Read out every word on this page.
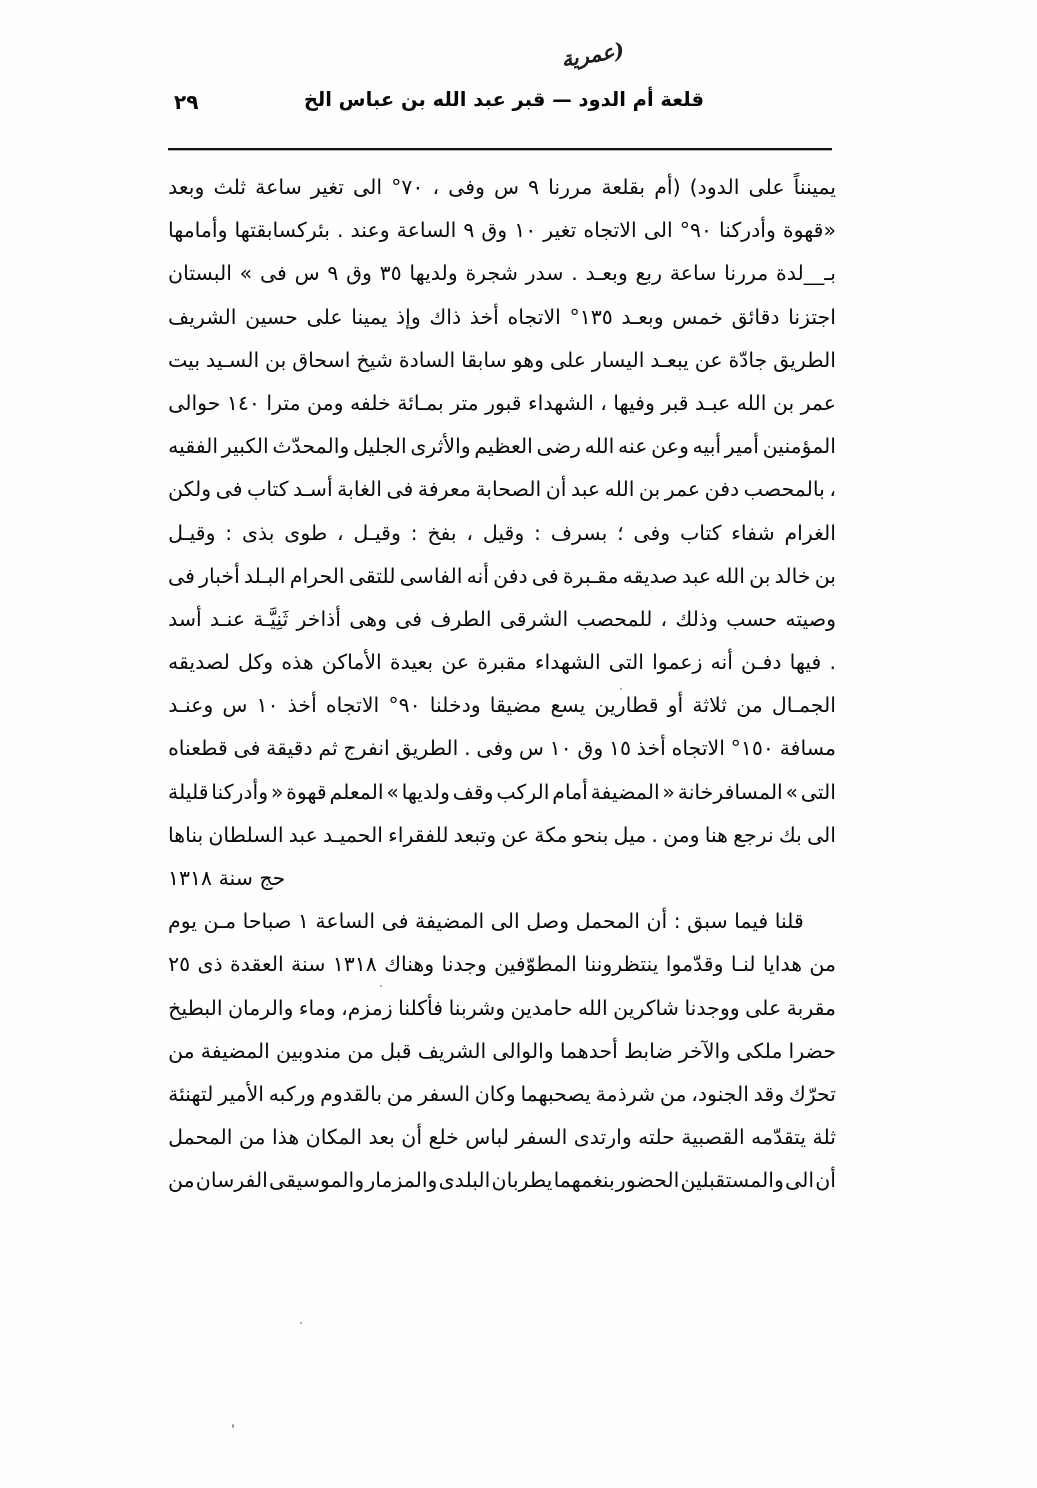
(عمرية
قلعة أم الدود — قبر عبد الله بن عباس الخ
٢٩
وبعد ثلث ساعة تغير الى ٧٠° ، وفى س ٩ مررنا بقلعة (أم الدود) على يمينناً
وأمامها بئركسابقتها . وعند الساعة ٩ وق ١٠ تغير الاتجاه الى ٩٠° وأدركنا «قهوة
البستان » فى س ٩ وق ٣٥ ولديها شجرة سدر . وبعـد ربع ساعة مررنا بـ__لدة
الشريف حسين على يمينا وإذ ذاك أخذ الاتجاه ١٣٥° وبعـد خمس دقائق اجتزنا
بيت السـيد بن اسحاق شيخ السادة سابقا وهو على اليسار يبعـد عن جادّة الطريق
حوالى ١٤٠ مترا ومن خلفه بمـائة متر قبور الشهداء ، وفيها قبر عبـد الله بن عمر
الفقيه الكبير والمحدّث الجليل والأثرى العظيم رضى الله عنه وعن أبيه أمير المؤمنين
ولكن فى كتاب أسـد الغابة فى معرفة الصحابة أن عبد الله بن عمر دفن بالمحصب ،
وقيـل : بذى طوى ، وقيـل : بفخ ، وقيل : بسرف ؛ وفى كتاب شفاء الغرام
فى أخبار البـلد الحرام للتقى الفاسى أنه دفن فى مقـبرة صديقه عبد الله بن خالد بن
أسد عنـد ثَنِيَّـة أذاخر وهى فى الطرف الشرقى للمحصب ، وذلك حسب وصيته
لصديقه وكل هذه الأماكن بعيدة عن مقبرة الشهداء التى زعموا أنه دفـن فيها .
وعنـد س ١٠ أخذ الاتجاه ٩٠° ودخلنا مضيقا يسع قطارين أو ثلاثة من الجمـال
قطعناه فى دقيقة ثم انفرج الطريق . وفى س ١٠ وق ١٥ أخذ الاتجاه ١٥٠° مسافة
قليلة وأدركنا « قهوة المعلم » ولديها وقف الركب أمام المضيفة « المسافرخانة » التى
بناها السلطان عبد الحميـد للفقراء وتبعد عن مكة بنحو ميل . ومن هنا نرجع بك الى
حج سنة ١٣١٨
قلنا فيما سبق : أن المحمل وصل الى المضيفة فى الساعة ١ صباحا مـن يوم
٢٥ ذى العقدة سنة ١٣١٨ وهناك وجدنا المطوّفين ينتظروننا وقدّموا لنـا هدايا من
البطيخ والرمان وماء زمزم، فأكلنا وشربنا حامدين الله شاكرين ووجدنا على مقربة
من المضيفة مندوبين من قبل الشريف والوالى أحدهما ضابط والآخر ملكى حضرا
لتهنئة الأمير وركبه بالقدوم من السفر وكان يصحبهما شرذمة من الجنود، وقد تحرّك
المحمل من هذا المكان بعد أن خلع لباس السفر وارتدى حلته القصبية يتقدّمه ثلة
من الفرسان والموسيقى والمزمار البلدى يطربان بنغمهما الحضور والمستقبلين الى أن
